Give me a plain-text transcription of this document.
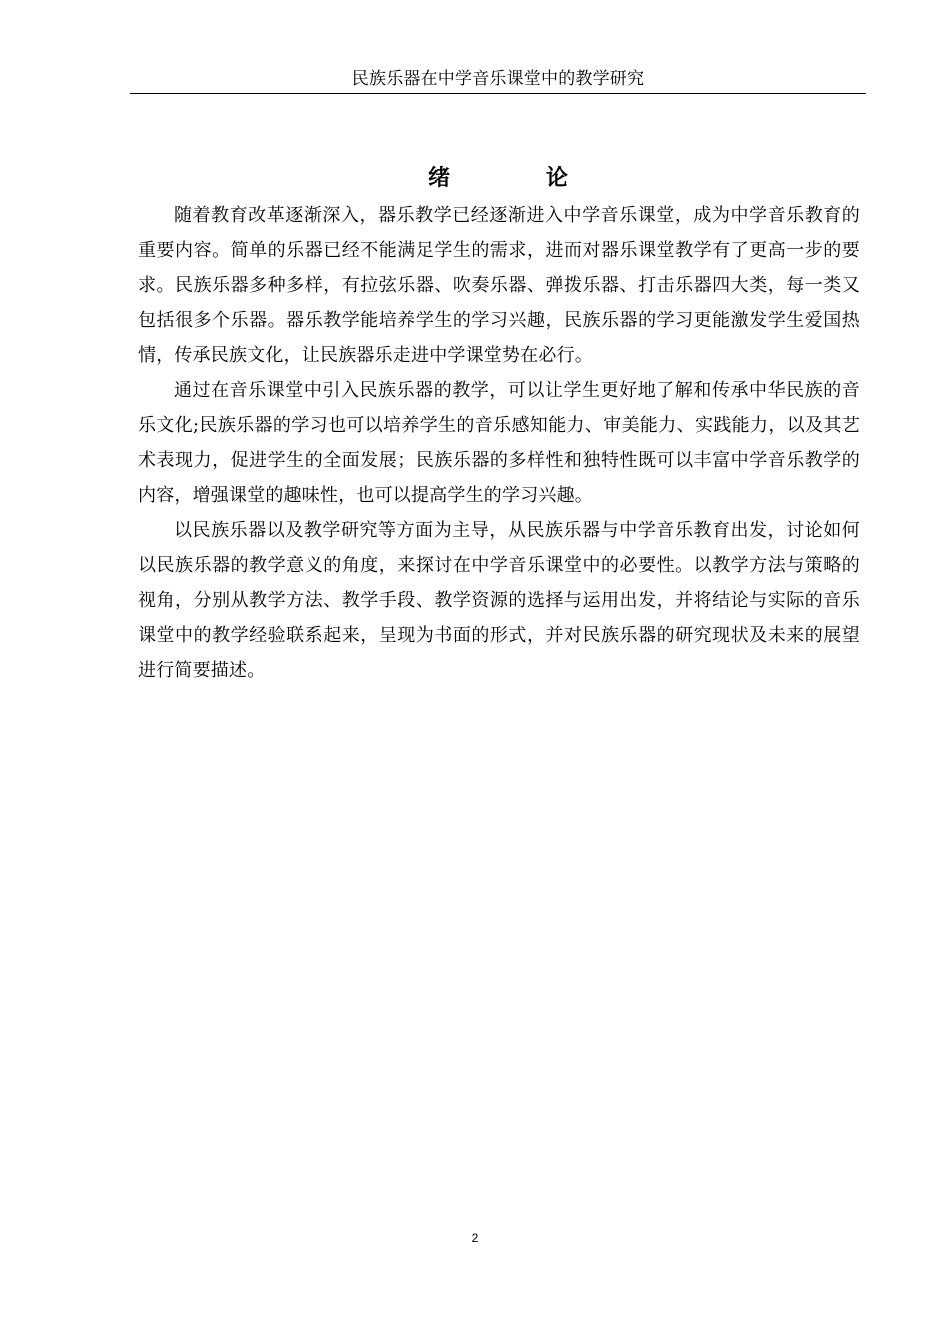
民族乐器在中学音乐课堂中的教学研究
绪 论

随着教育改革逐渐深入，器乐教学已经逐渐进入中学音乐课堂，成为中学音乐教育的重要内容。简单的乐器已经不能满足学生的需求，进而对器乐课堂教学有了更高一步的要求。民族乐器多种多样，有拉弦乐器、吹奏乐器、弹拨乐器、打击乐器四大类，每一类又包括很多个乐器。器乐教学能培养学生的学习兴趣，民族乐器的学习更能激发学生爱国热情，传承民族文化，让民族器乐走进中学课堂势在必行。

通过在音乐课堂中引入民族乐器的教学，可以让学生更好地了解和传承中华民族的音乐文化;民族乐器的学习也可以培养学生的音乐感知能力、审美能力、实践能力，以及其艺术表现力，促进学生的全面发展；民族乐器的多样性和独特性既可以丰富中学音乐教学的内容，增强课堂的趣味性，也可以提高学生的学习兴趣。

以民族乐器以及教学研究等方面为主导，从民族乐器与中学音乐教育出发，讨论如何以民族乐器的教学意义的角度，来探讨在中学音乐课堂中的必要性。以教学方法与策略的视角，分别从教学方法、教学手段、教学资源的选择与运用出发，并将结论与实际的音乐课堂中的教学经验联系起来，呈现为书面的形式，并对民族乐器的研究现状及未来的展望进行简要描述。

2
